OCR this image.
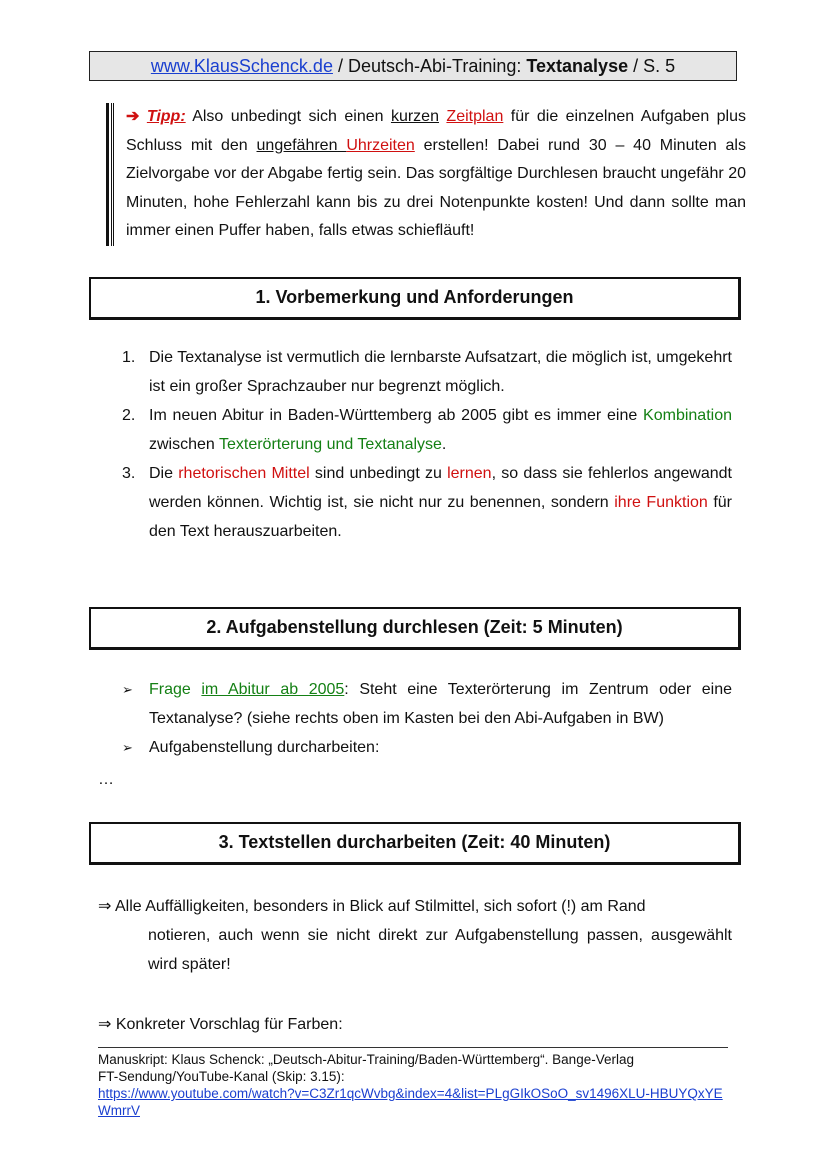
www.KlausSchenck.de / Deutsch-Abi-Training: Textanalyse / S. 5

➔ Tipp: Also unbedingt sich einen kurzen Zeitplan für die einzelnen Aufgaben plus Schluss mit den ungefähren Uhrzeiten erstellen! Dabei rund 30 – 40 Minuten als Zielvorgabe vor der Abgabe fertig sein. Das sorgfältige Durchlesen braucht ungefähr 20 Minuten, hohe Fehlerzahl kann bis zu drei Notenpunkte kosten! Und dann sollte man immer einen Puffer haben, falls etwas schiefläuft!

1. Vorbemerkung und Anforderungen
1. Die Textanalyse ist vermutlich die lernbarste Aufsatzart, die möglich ist, umgekehrt ist ein großer Sprachzauber nur begrenzt möglich.
2. Im neuen Abitur in Baden-Württemberg ab 2005 gibt es immer eine Kombination zwischen Texterörterung und Textanalyse.
3. Die rhetorischen Mittel sind unbedingt zu lernen, so dass sie fehlerlos angewandt werden können. Wichtig ist, sie nicht nur zu benennen, sondern ihre Funktion für den Text herauszuarbeiten.
2. Aufgabenstellung durchlesen (Zeit: 5 Minuten)
➢ Frage im Abitur ab 2005: Steht eine Texterörterung im Zentrum oder eine Textanalyse? (siehe rechts oben im Kasten bei den Abi-Aufgaben in BW)
➢ Aufgabenstellung durcharbeiten:
…
3. Textstellen durcharbeiten (Zeit: 40 Minuten)
⇒ Alle Auffälligkeiten, besonders in Blick auf Stilmittel, sich sofort (!) am Rand
notieren, auch wenn sie nicht direkt zur Aufgabenstellung passen, ausgewählt wird später!
⇒ Konkreter Vorschlag für Farben:
Manuskript: Klaus Schenck: „Deutsch-Abitur-Training/Baden-Württemberg“. Bange-Verlag
FT-Sendung/YouTube-Kanal (Skip: 3.15):
https://www.youtube.com/watch?v=C3Zr1qcWvbg&index=4&list=PLgGIkOSoO_sv1496XLU-HBUYQxYEWmrrV
